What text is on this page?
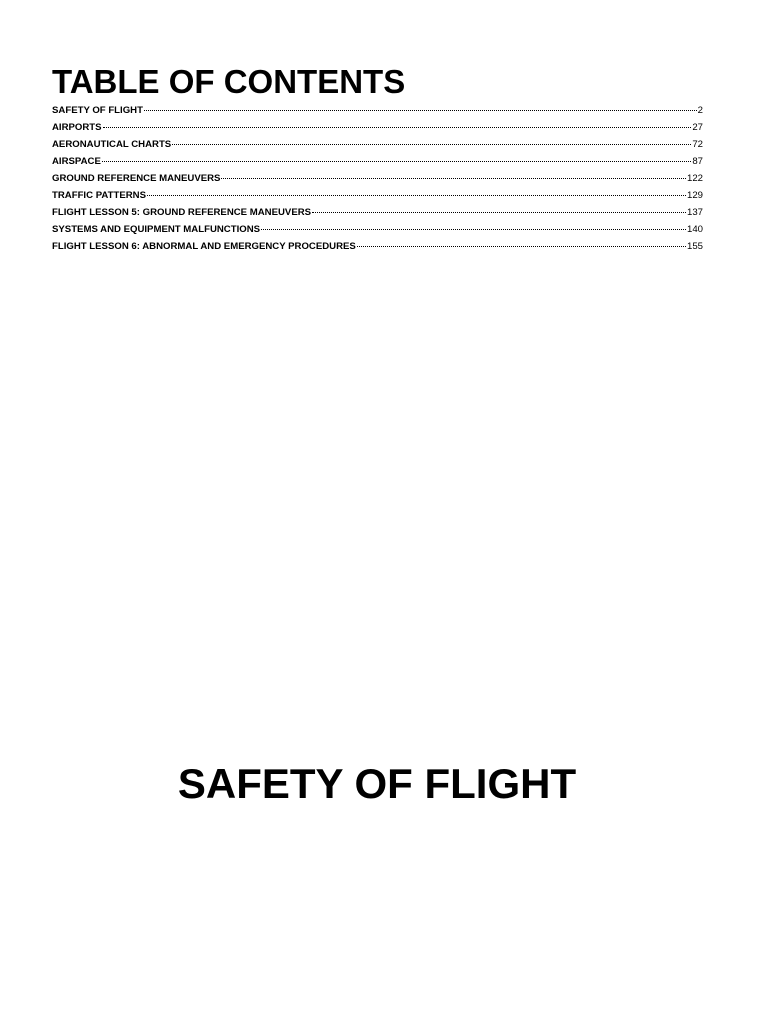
TABLE OF CONTENTS
SAFETY OF FLIGHT	2
AIRPORTS	27
AERONAUTICAL CHARTS	72
AIRSPACE	87
GROUND REFERENCE MANEUVERS	122
TRAFFIC PATTERNS	129
FLIGHT LESSON 5: GROUND REFERENCE MANEUVERS	137
SYSTEMS AND EQUIPMENT MALFUNCTIONS	140
FLIGHT LESSON 6: ABNORMAL AND EMERGENCY PROCEDURES	155
SAFETY OF FLIGHT
